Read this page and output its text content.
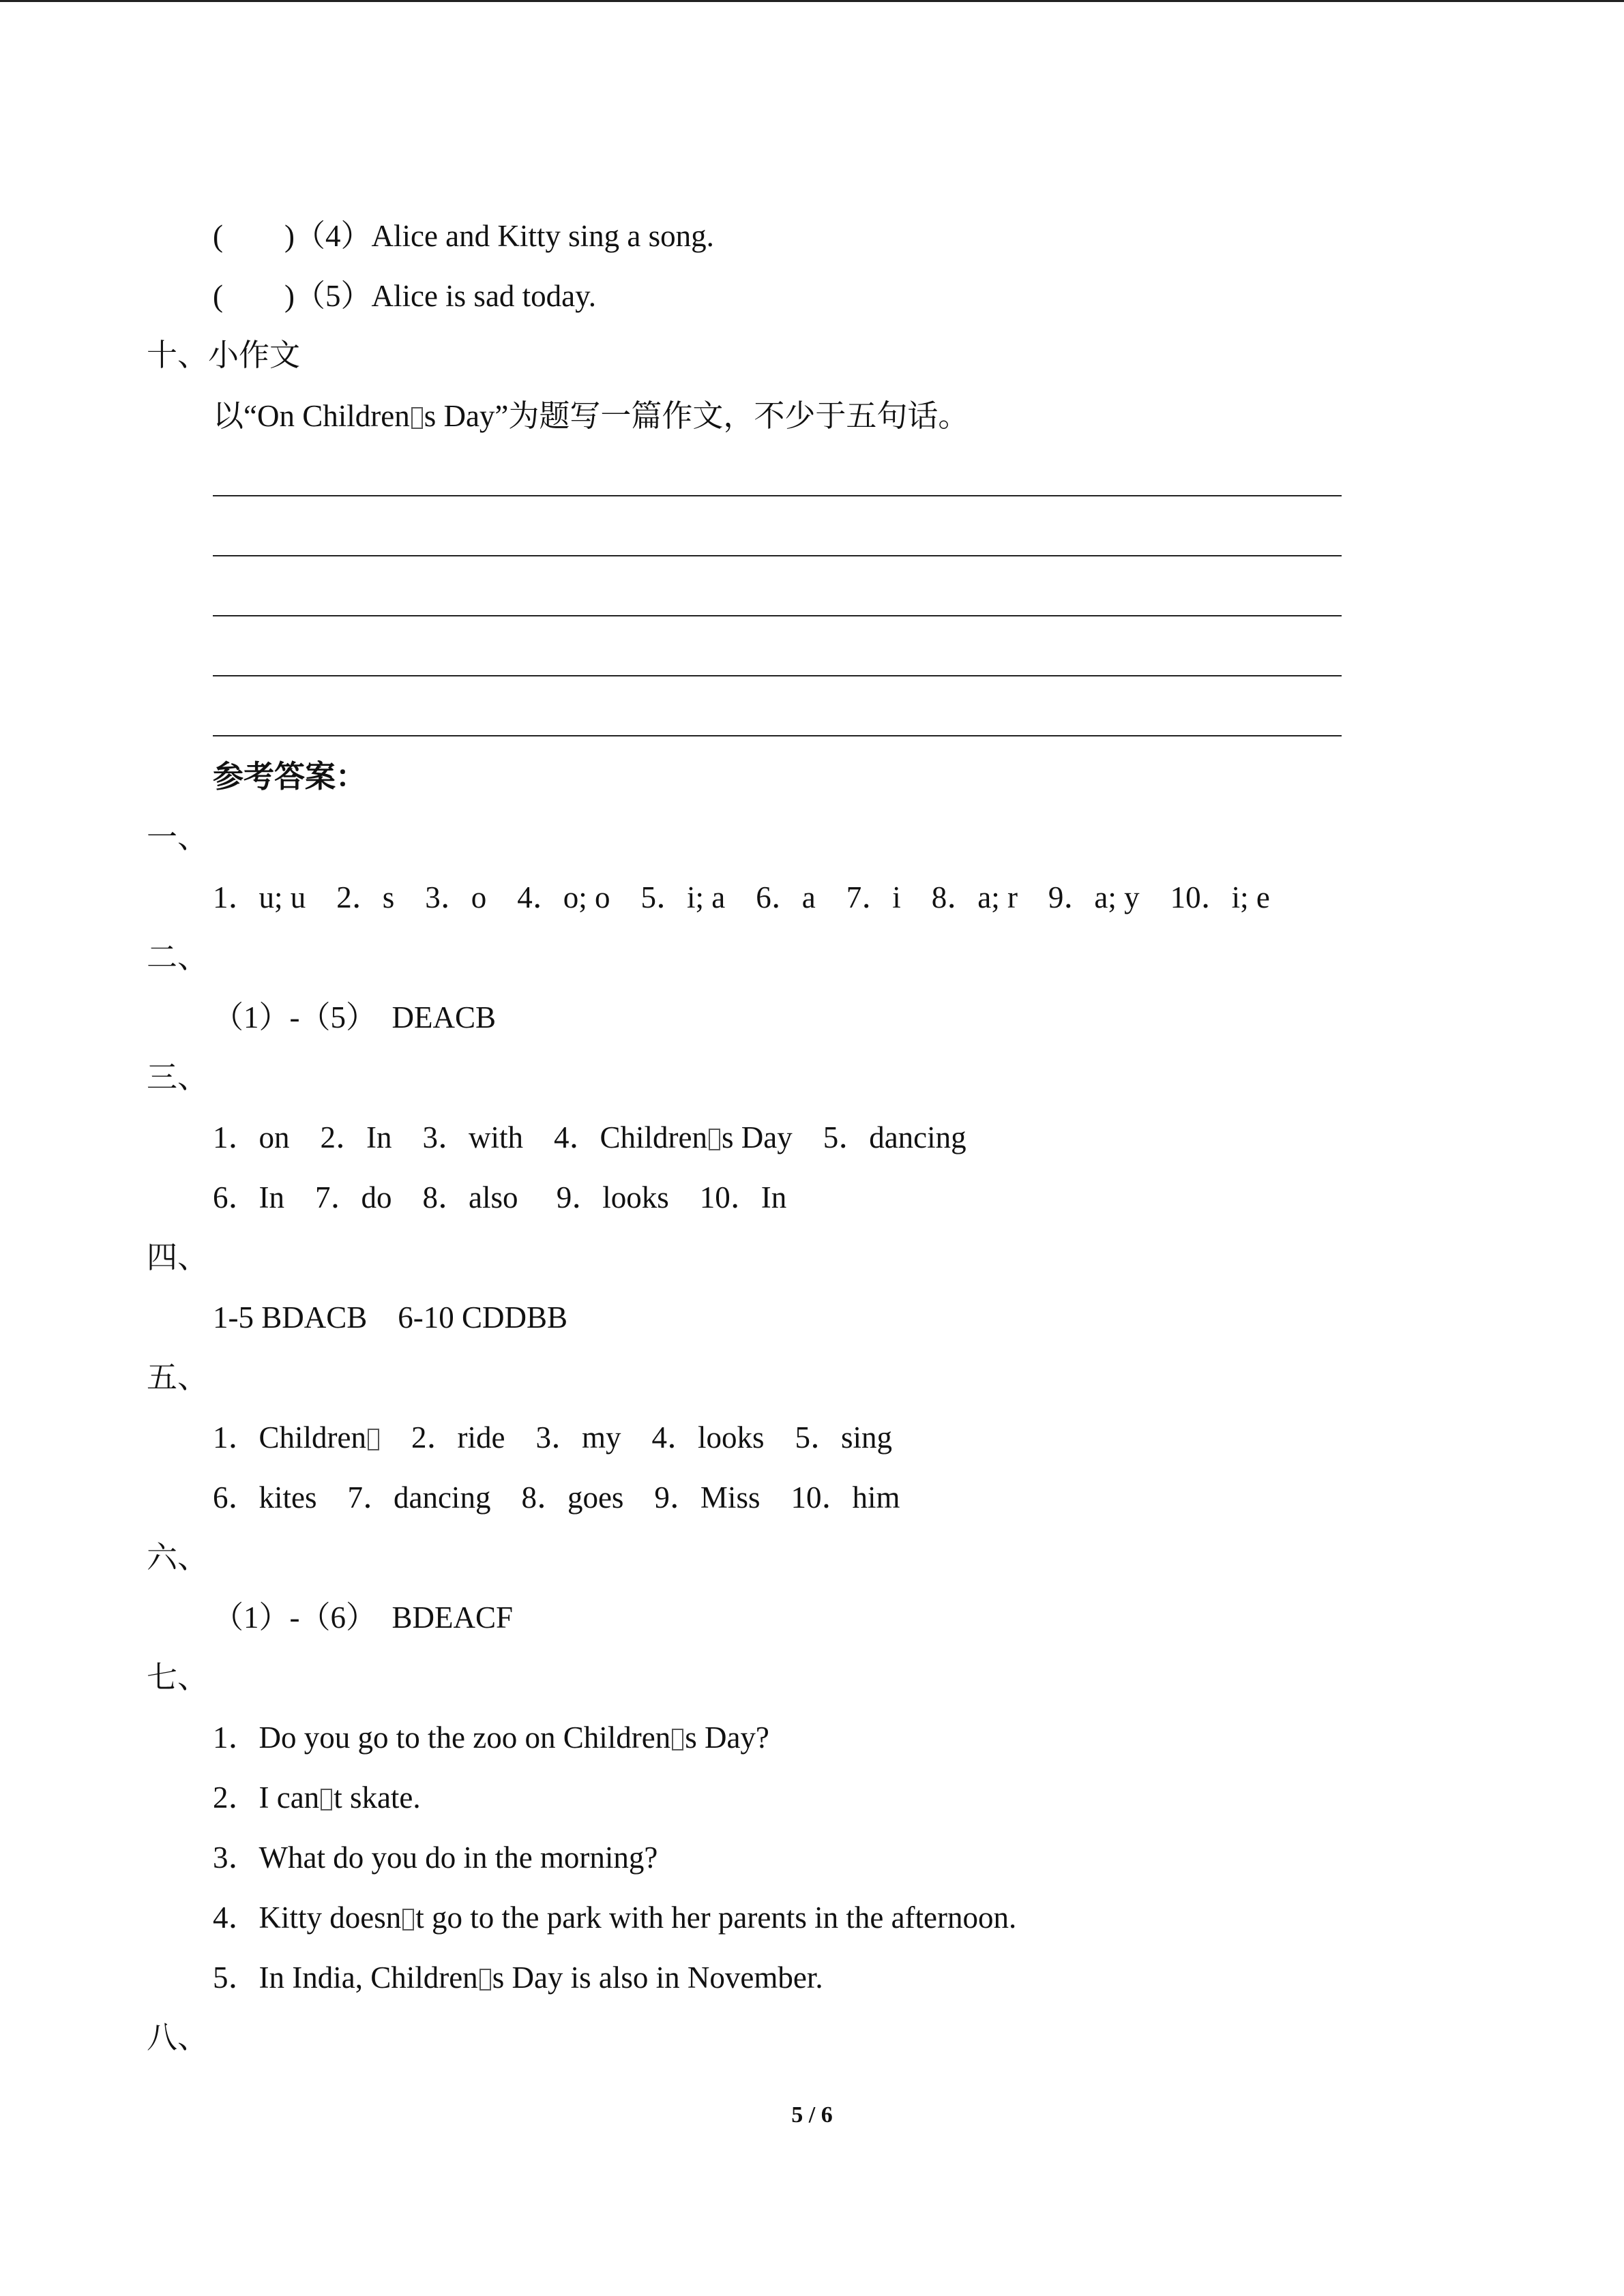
(        )（4）Alice and Kitty sing a song.

(        )（5）Alice is sad today.

十、小作文

以“On Children s Day”为题写一篇作文，不少于五句话。

参考答案：

一、

1．u; u    2．s    3．o    4．o; o    5．i; a    6．a    7．i    8．a; r    9．a; y    10．i; e

二、

（1）-（5）  DEACB

三、

1．on    2．In    3．with    4．Children s Day    5．dancing

6．In    7．do    8．also     9．looks    10．In

四、

1-5 BDACB    6-10 CDDBB

五、

1．Children    2．ride    3．my    4．looks    5．sing

6．kites    7．dancing    8．goes    9．Miss    10．him

六、

（1）-（6）  BDEACF

七、

1．Do you go to the zoo on Children s Day?

2．I can t skate.

3．What do you do in the morning?

4．Kitty doesn t go to the park with her parents in the afternoon.

5．In India, Children s Day is also in November.

八、

5 / 6
